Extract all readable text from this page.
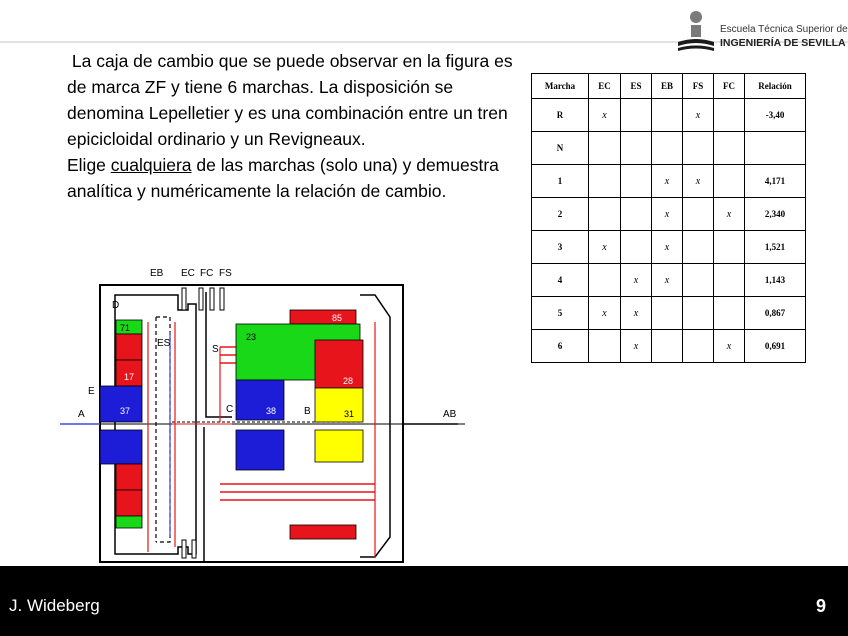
Escuela Técnica Superior de
INGENIERÍA DE SEVILLA

La caja de cambio que se puede observar en la figura es de marca ZF y tiene 6 marchas. La disposición se denomina Lepelletier y es una combinación entre un tren epicicloidal ordinario y un Revigneaux.

Elige cualquiera de las marchas (solo una) y demuestra analítica y numéricamente la relación de cambio.

Marcha	EC	ES	EB	FS	FC	Relación
R	x			x		-3,40
N						
1			x	x		4,171
2			x		x	2,340
3	x		x			1,521
4		x	x			1,143
5	x	x				0,867
6		x			x	0,691
EB EC FC FS
D
ES
E
A
S
C	B	AB
71
17
37
85
23
28
38	31
J. Wideberg	9
